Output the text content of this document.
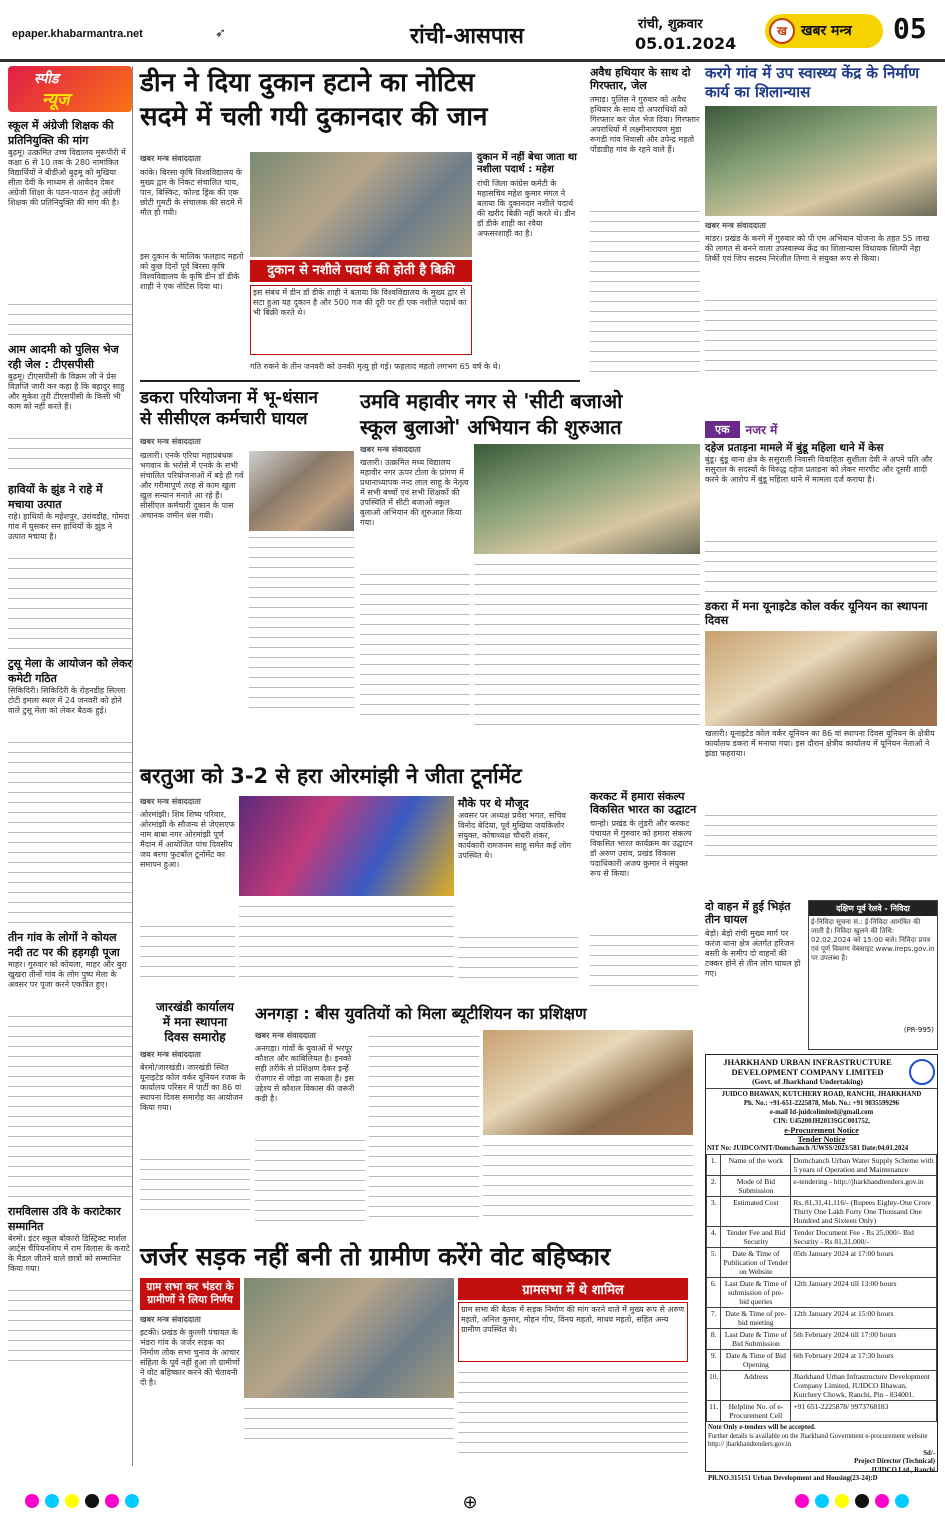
epaper.khabarmantra.net	➶	रांची-आसपास	रांची, शुक्रवार
05.01.2024
ख	खबर मन्त्र	05
स्पीड
न्यूज
स्कूल में अंग्रेजी शिक्षक की प्रतिनियुक्ति की मांग
बुढ़मू। उत्क्रमित उच्च विद्यालय मुरूपीरी में कक्षा 6 से 10 तक के 280 नामांकित विद्यार्थियों ने बीडीओ बुढ़मू को मुखिया सीता देवी के माध्यम से आवेदन देकर अंग्रेजी शिक्षा के पठन-पाठन हेतु अंग्रेजी शिक्षक की प्रतिनियुक्ति की मांग की है।
आम आदमी को पुलिस भेज रही जेल : टीएसपीसी
बुढ़मू। टीएसपीसी के विक्रम जी ने प्रेस विज्ञप्ति जारी कर कहा है कि बहादुर साहु और मुकेश तुरी टीएसपीसी के किसी भी काम को नहीं करते हैं।
हावियों के झुंड ने राहे में मचाया उत्पात
राहे। हाथियों के महेशपुर, उरांवडीह, गोमदा गांव में घुसकर सन हाथियों के झुंड ने उत्पात मचाया है।
टुसू मेला के आयोजन को लेकर कमेटी गठित
सिकिदिरी। सिकिदिरी के रोहनडीह सिल्ला टोटी इमला स्थल में 24 जनवरी को होने वाले टुसू मेला को लेकर बैठक हुई।
तीन गांव के लोगों ने कोयल नदी तट पर की हड़गड़ी पूजा
माहर। गुरुवार को कोयला, माहर और बुरा खुखरा तीनों गांव के लोग पुष्प मेला के अवसर पर पूजा करने एकत्रित हुए।
रामविलास उवि के कराटेकार सम्मानित
बेरमो। इंटर स्कूल बोकारो डिस्ट्रिक्ट मार्शल आर्ट्स चैंपियनशिप में राम विलास के कराटे के मैडल जीतने वाले छात्रों को सम्मानित किया गया।
डीन ने दिया दुकान हटाने का नोटिस
सदमे में चली गयी दुकानदार की जान
खबर मन्त्र संवाददाता
कांके। बिरसा कृषि विश्वविद्यालय के मुख्य द्वार के निकट संचालित चाय, पान, बिस्किट, कोल्ड ड्रिंक की एक छोटी गुमटी के संचालक की सदमे में मौत हो गयी।
इस दुकान के मालिक फलहाद महतो को कुछ दिनों पूर्व बिरसा कृषि विश्वविद्यालय के कृषि डीन डॉ डीके शाही ने एक नोटिस दिया था।
दुकान से नशीले पदार्थ की होती है बिक्री
इस संबंध में डीन डॉ डीके शाही ने बताया कि विश्वविद्यालय के मुख्य द्वार से सटा हुआ यह दुकान है और 500 गज की दूरी पर ही एक नशीले पदार्थ का भी बिक्री करते थे।
दुकान में नहीं बेचा जाता था नशीला पदार्थ : महेश
रांची जिला कांग्रेस कमेटी के महासचिव महेश कुमार मंगल ने बताया कि दुकानदार नशीले पदार्थ की खरीद बिक्री नहीं करते थे। डीन डॉ डीके शाही का रवैया अफसरशाही का है।
गति रुकने के तीन जनवरी को उनकी मृत्यु हो गई। फहलाद महतो लगभग 65 वर्ष के थे।
अवैध हथियार के साथ दो गिरफ्तार, जेल
तमाड़। पुलिस ने गुरुवार को अवैध हथियार के साथ दो अपराधियों को गिरफ्तार कर जेल भेज दिया। गिरफ्तार अपराधियों में लक्ष्मीनारायण मुंडा रूगडी गांव निवासी और उपेन्द्र महतो पोंडाडीह गांव के रहने वाले हैं।
करगे गांव में उप स्वास्थ्य केंद्र के निर्माण कार्य का शिलान्यास
खबर मन्त्र संवाददाता
मांडर। प्रखंड के करगे में गुरुवार को पी एम अभियान योजना के तहत 55 लाख की लागत से बनने वाला उपस्वास्थ्य केंद्र का शिलान्यास विधायक शिल्पी नेहा तिर्की एवं जिप सदस्य निरंजीत तिग्गा ने संयुक्त रूप से किया।
डकरा परियोजना में भू-धंसान
से सीसीएल कर्मचारी घायल
खबर मन्त्र संवाददाता
खलारी। एनके एरिया महाप्रबंधक भगवान के भरोसे में एनके के सभी संचालित परियोजनाओं में बड़े ही गर्व और गरीमापूर्ण तरह से काम खुला खुल सन्यान मनाते आ रहे हैं। सीसीएल कर्मचारी दुकान के पास अचानक जमीन धंस गयी।
उमवि महावीर नगर से 'सीटी बजाओ
स्कूल बुलाओ' अभियान की शुरुआत
खबर मन्त्र संवाददाता
खलारी। उत्क्रमित मध्य विद्यालय महावीर नगर ऊपर टोला के प्रांगण में प्रधानाध्यापक नन्द लाल साहू के नेतृत्व में सभी बच्चों एवं सभी शिक्षकों की उपस्थिति में सीटी बजाओ स्कूल बुलाओ अभियान की शुरुआत किया गया।
एक	नजर में
दहेज प्रताड़ना मामले में बुंडू महिला थाने में केस
बुंडू। बुंडू थाना क्षेत्र के ससुराली निवासी विवाहिता सुशीला देवी ने अपने पति और ससुराल के सदस्यों के विरुद्ध दहेज प्रताड़ना को लेकर मारपीट और दूसरी शादी करने के आरोप में बुंडू महिला थाने में मामला दर्ज कराया है।
डकरा में मना यूनाइटेड कोल वर्कर यूनियन का स्थापना दिवस
खलारी। यूनाइटेड कोल वर्कर यूनियन का 86 वां स्थापना दिवस यूनियन के क्षेत्रीय कार्यालय डकरा में मनाया गया। इस दौरान क्षेत्रीय कार्यालय में यूनियन नेताओं ने झंडा फहराया।
बरतुआ को 3-2 से हरा ओरमांझी ने जीता टूर्नामेंट
खबर मन्त्र संवाददाता
ओरमांझी। शिव शिष्य परिवार, ओरमांझी के सौजन्य से जेएसएफ नाम बाबा नगर ओरमांझी पूर्ण मैदान में आयोजित पांच दिवसीय जय बरगा फुटबॉल टूर्नामेंट का समापन हुआ।
मौके पर थे मौजूद
अवसर पर अध्यक्ष प्रवेश भगत, सचिव विनोद बेदिया, पूर्व मुखिया जयकिशोर संयुक्त, कोषाध्यक्ष चौधरी शंकर, कार्यकारी रामजनम साहू समेत कई लोग उपस्थित थे।
करकट में हमारा संकल्प विकसित भारत का उद्घाटन
चान्हो। प्रखंड के लुंडरी और करकट पंचायत में गुरुवार को हमारा संकल्प विकसित भारत कार्यक्रम का उद्घाटन डॉ अरुण उरांव, प्रखंड विकास पदाधिकारी अजय कुमार ने संयुक्त रूप से किया।
जारखंडी कार्यालय
में मना स्थापना
दिवस समारोह
खबर मन्त्र संवाददाता
बेरमो/जारखंडी। जारखंडी स्थित यूनाइटेड कोल वर्कर यूनियन रजक के कार्यालय परिसर में पार्टी का 86 वां स्थापना दिवस समारोह का आयोजन किया गया।
अनगड़ा : बीस युवतियों को मिला ब्यूटीशियन का प्रशिक्षण
खबर मन्त्र संवाददाता
अनगड़ा। गांवों के युवाओं में भरपूर कौशल और काबिलियत है। इनको सही तरीके से प्रशिक्षण देकर इन्हें रोजगार से जोड़ा जा सकता है। इस उद्देश्य से कौशल विकास की जरूरी कड़ी है।
जर्जर सड़क नहीं बनी तो ग्रामीण करेंगे वोट बहिष्कार
ग्राम सभा कर भंडरा के ग्रामीणों ने लिया निर्णय
खबर मन्त्र संवाददाता
इटकी। प्रखंड के कुल्ली पंचायत के भंडरा गांव के जर्जर सड़क का निर्माण लोक सभा चुनाव के आचार संहिता के पूर्व नहीं हुआ तो ग्रामीणों ने वोट बहिष्कार करने की चेतावनी दी है।
ग्रामसभा में थे शामिल
ग्राम सभा की बैठक में सड़क निर्माण की मांग करने वाले में मुख्य रूप से अरुण महतो, अनिल कुमार, मोहन गोप, विनय महतो, माधव महतो, सहित अन्य ग्रामीण उपस्थित थे।
दो वाहन में हुई भिड़ंत तीन घायल
बेड़ो। बेड़ो रांची मुख्य मार्ग पर करंज थाना क्षेत्र अंतर्गत हरिजन बस्ती के समीप दो वाहनों की टक्कर होने से तीन लोग घायल हो गए।
दक्षिण पूर्व रेलवे - निविदा
ई-निविदा सूचना सं.: ई-निविदा आमंत्रित की जाती है। निविदा खुलने की तिथि: 02.02.2024 को 15:00 बजे। निविदा प्रपत्र एवं पूर्ण विवरण वेबसाइट www.ireps.gov.in पर उपलब्ध है।
(PR-995)
JHARKHAND URBAN INFRASTRUCTURE DEVELOPMENT COMPANY LIMITED
(Govt. of Jharkhand Undertaking)
JUIDCO BHAWAN, KUTCHERY ROAD, RANCHI, JHARKHAND
Ph. No.: +91-651-2225878, Mob. No.: +91 9835599296
e-mail Id-juidcolimited@gmail.com
CIN: U45200JH2013SGC001752,
e-Procurement Notice
Tender Notice
NIT No: JUIDCO/NIT/Domchanch /UWSS/2023/581 Date:04.01.2024
1.	Name of the work	Domchanch Urban Water Supply Scheme with 5 years of Operation and Maintenance
2.	Mode of Bid Submission	e-tendering - http://jharkhandtenders.gov.in
3.	Estimated Cost	Rs. 81,31,41,116/- (Rupees Eighty-One Crore Thirty One Lakh Forty One Thousand One Hundred and Sixteen Only)
4.	Tender Fee and Bid Security	Tender Document Fee - Rs 25,000/- Bid Security - Rs 81,31,000/-
5.	Date & Time of Publication of Tender on Website	05th January 2024 at 17:00 hours
6.	Last Date & Time of submission of pre-bid queries	12th January 2024 till 13:00 hours
7.	Date & Time of pre-bid meeting	12th January 2024 at 15:00 hours
8.	Last Date & Time of Bid Submission	5th February 2024 till 17:00 hours
9.	Date & Time of Bid Opening	6th February 2024 at 17:30 hours
10.	Address	Jharkhand Urban Infrastructure Development Company Limited, JUIDCO Bhawan, Kutchery Chowk, Ranchi, Pin - 834001.
11.	Helpline No. of e-Procurement Cell	+91 651-2225878/ 9973768183
Note Only e-tenders will be accepted.
Further details is available on the Jharkhand Government e-procurement website http:// jharkhandtenders.gov.in
Sd/-
Project Director (Technical)
JUIDCO Ltd., Ranchi
PR.NO.315151 Urban Development and Housing(23-24):D
⊕
